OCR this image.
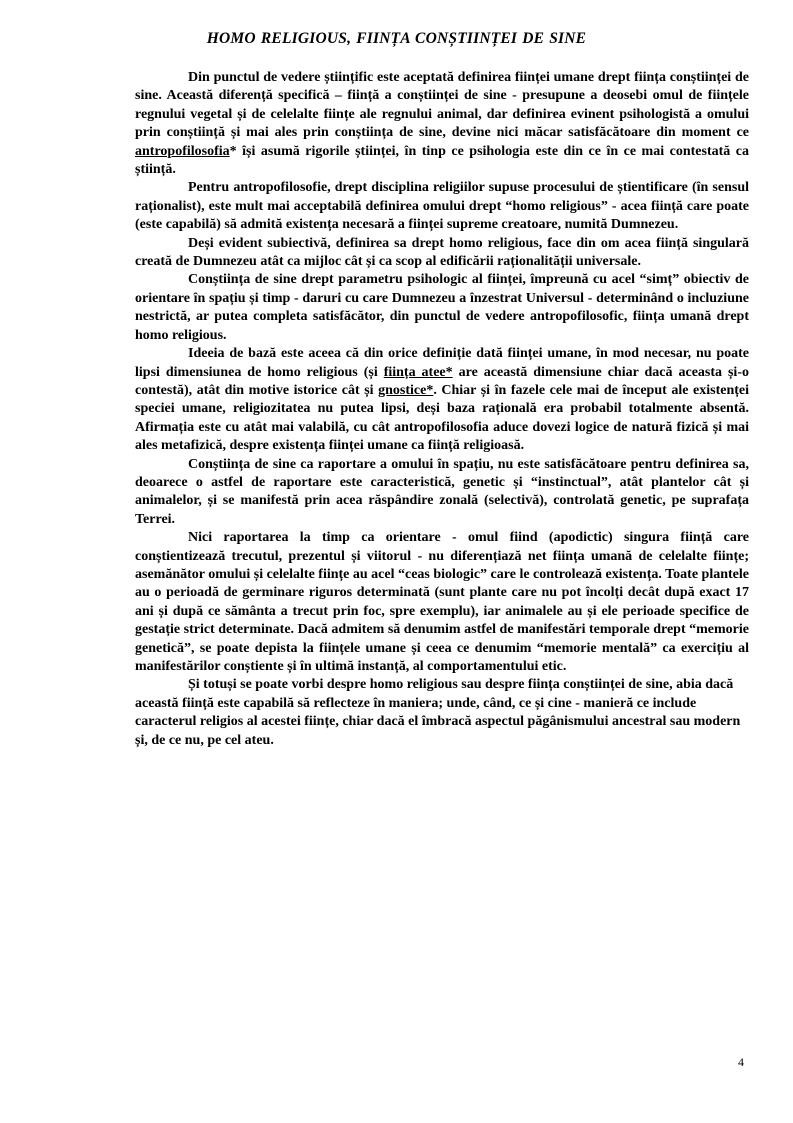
HOMO RELIGIOUS, FIINȚA CONȘTIINȚEI DE SINE

Din punctul de vedere științific este aceptată definirea ființei umane drept ființa conștiinței de sine. Această diferență specifică – ființă a conștiinței de sine - presupune a deosebi omul de ființele regnului vegetal și de celelalte ființe ale regnului animal, dar definirea evinent psihologistă a omului prin conștiință și mai ales prin conștiința de sine, devine nici măcar satisfăcătoare din moment ce antropofilosofia* își asumă rigorile științei, în tinp ce psihologia este din ce în ce mai contestată ca știință.

Pentru antropofilosofie, drept disciplina religiilor supuse procesului de știentificare (în sensul raționalist), este mult mai acceptabilă definirea omului drept “homo religious” - acea ființă care poate (este capabilă) să admită existența necesară a ființei supreme creatoare, numită Dumnezeu.

Deși evident subiectivă, definirea sa drept homo religious, face din om acea ființă singulară creată de Dumnezeu atât ca mijloc cât și ca scop al edificării raționalității universale.

Conștiința de sine drept parametru psihologic al ființei, împreună cu acel “simț” obiectiv de orientare în spațiu și timp - daruri cu care Dumnezeu a înzestrat Universul - determinând o incluziune nestrictă, ar putea completa satisfăcător, din punctul de vedere antropofilosofic, ființa umană drept homo religious.

Ideeia de bază este aceea că din orice definiție dată ființei umane, în mod necesar, nu poate lipsi dimensiunea de homo religious (și ființa atee* are această dimensiune chiar dacă aceasta și-o contestă), atât din motive istorice cât și gnostice*. Chiar și în fazele cele mai de început ale existenței speciei umane, religiozitatea nu putea lipsi, deși baza rațională era probabil totalmente absentă. Afirmația este cu atât mai valabilă, cu cât antropofilosofia aduce dovezi logice de natură fizică și mai ales metafizică, despre existența ființei umane ca ființă religioasă.

Conștiința de sine ca raportare a omului în spațiu, nu este satisfăcătoare pentru definirea sa, deoarece o astfel de raportare este caracteristică, genetic și “instinctual”, atât plantelor cât și animalelor, și se manifestă prin acea răspândire zonală (selectivă), controlată genetic, pe suprafața Terrei.

Nici raportarea la timp ca orientare - omul fiind (apodictic) singura ființă care conștientizează trecutul, prezentul și viitorul - nu diferențiază net ființa umană de celelalte ființe; asemănător omului și celelalte ființe au acel “ceas biologic” care le controlează existența. Toate plantele au o perioadă de germinare riguros determinată (sunt plante care nu pot încolți decât după exact 17 ani și după ce sământa a trecut prin foc, spre exemplu), iar animalele au și ele perioade specifice de gestație strict determinate. Dacă admitem să denumim astfel de manifestări temporale drept “memorie genetică”, se poate depista la ființele umane și ceea ce denumim “memorie mentală” ca exercițiu al manifestărilor conștiente și în ultimă instanță, al comportamentului etic.

Și totuși se poate vorbi despre homo religious sau despre ființa conștiinței de sine, abia dacă această ființă este capabilă să reflecteze în maniera; unde, când, ce și cine - manieră ce include caracterul religios al acestei ființe, chiar dacă el îmbracă aspectul păgânismului ancestral sau modern și, de ce nu, pe cel ateu.

4
